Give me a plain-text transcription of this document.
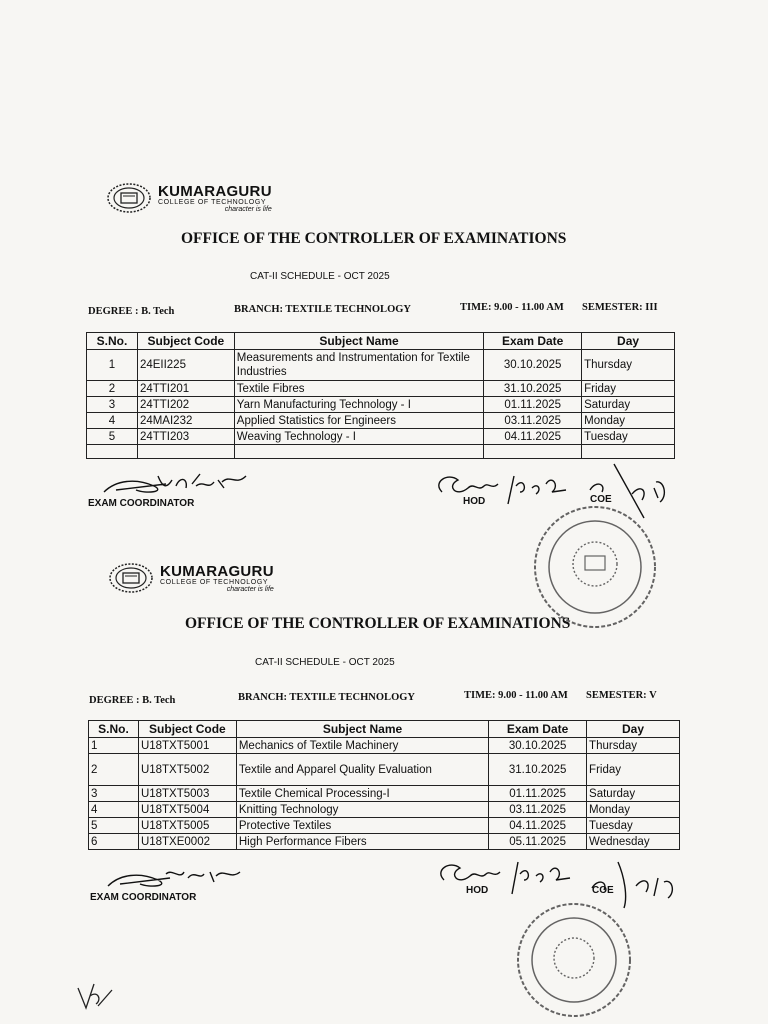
KUMARAGURU
COLLEGE OF TECHNOLOGY
character is life
OFFICE OF THE CONTROLLER OF EXAMINATIONS
CAT-II SCHEDULE - OCT 2025
DEGREE : B. Tech	BRANCH: TEXTILE TECHNOLOGY	TIME: 9.00 - 11.00 AM SEMESTER: III
S.No.	Subject Code	Subject Name	Exam Date	Day
1	24EII225	Measurements and Instrumentation for Textile Industries	30.10.2025	Thursday
2	24TTI201	Textile Fibres	31.10.2025	Friday
3	24TTI202	Yarn Manufacturing Technology - I	01.11.2025	Saturday
4	24MAI232	Applied Statistics for Engineers	03.11.2025	Monday
5	24TTI203	Weaving Technology - I	04.11.2025	Tuesday

EXAM COORDINATOR	HOD	COE
KUMARAGURU
COLLEGE OF TECHNOLOGY
character is life
OFFICE OF THE CONTROLLER OF EXAMINATIONS
CAT-II SCHEDULE - OCT 2025
DEGREE : B. Tech	BRANCH: TEXTILE TECHNOLOGY	TIME: 9.00 - 11.00 AM SEMESTER: V
S.No.	Subject Code	Subject Name	Exam Date	Day
1	U18TXT5001	Mechanics of Textile Machinery	30.10.2025	Thursday
2	U18TXT5002	Textile and Apparel Quality Evaluation	31.10.2025	Friday
3	U18TXT5003	Textile Chemical Processing-I	01.11.2025	Saturday
4	U18TXT5004	Knitting Technology	03.11.2025	Monday
5	U18TXT5005	Protective Textiles	04.11.2025	Tuesday
6	U18TXE0002	High Performance Fibers	05.11.2025	Wednesday
EXAM COORDINATOR
HOD	COE
